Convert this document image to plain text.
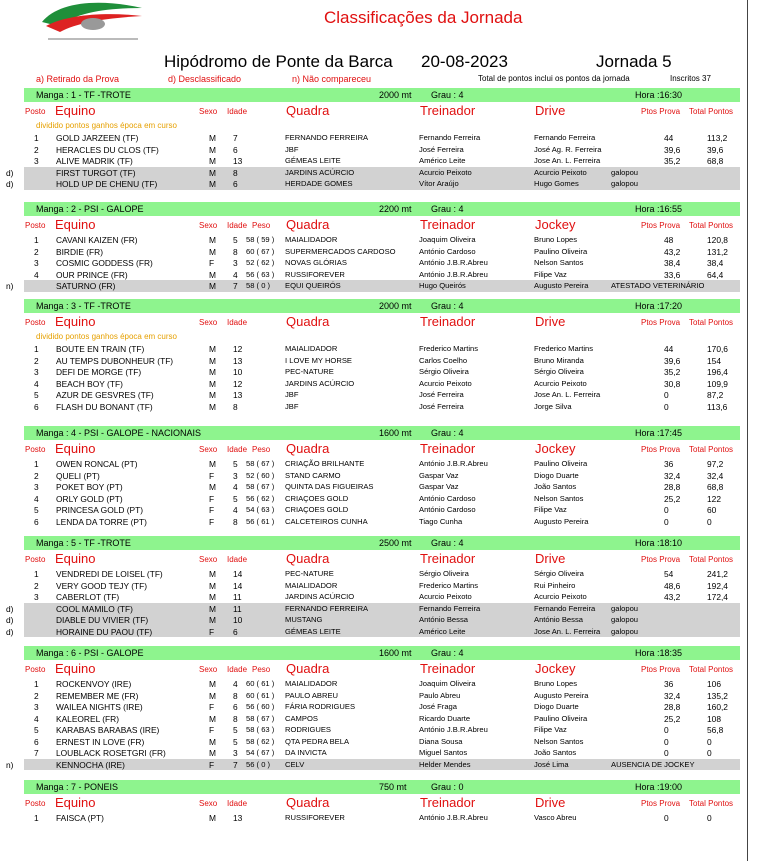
Classificações da Jornada
Hipódromo de Ponte da Barca 20-08-2023	Jornada 5
a) Retirado da Prova	d) Desclassificado	n) Não compareceu	Total de pontos inclui os pontos da jornada	Inscritos 37
Manga : 1 - TF -TROTE	2000 mt Grau : 4	Hora :16:30
Posto Equino	Sexo Idade	Quadra	Treinador	Drive	Ptos Prova Total Pontos
dividido pontos ganhos época em curso
1 GOLD JARZEEN (TF)	M 7	FERNANDO FERREIRA	Fernando Ferreira	Fernando Ferreira	44	113,2
2 HERACLES DU CLOS (TF)	M 6	JBF	José Ferreira	José Ag. R. Ferreira	39,6	39,6
3 ALIVE MADRIK (TF)	M 13	GÉMEAS LEITE	Américo Leite	Jose An. L. Ferreira	35,2	68,8
d)	FIRST TURGOT (TF)	M 8	JARDINS ACÚRCIO	Acurcio Peixoto	Acurcio Peixoto	galopou
d)	HOLD UP DE CHENU (TF)	M 6	HERDADE GOMES	Vítor Araújo	Hugo Gomes	galopou
Manga : 2 - PSI - GALOPE	2200 mt Grau : 4	Hora :16:55
Posto Equino	Sexo Idade Peso Quadra	Treinador	Jockey	Ptos Prova Total Pontos
1 CAVANI KAIZEN (FR)	M 5 58 ( 59 ) MAIALIDADOR	Joaquim Oliveira	Bruno Lopes	48	120,8
2 BIRDIE (FR)	M 8 60 ( 67 ) SUPERMERCADOS CARDOSO	António Cardoso	Paulino Oliveira	43,2	131,2
3 COSMIC GODDESS (FR)	F 3 52 ( 62 ) NOVAS GLÓRIAS	António J.B.R.Abreu	Nelson Santos	38,4	38,4
4 OUR PRINCE (FR)	M 4 56 ( 63 ) RUSSIFOREVER	António J.B.R.Abreu	Filipe Vaz	33,6	64,4
n)	SATURNO (FR)	M 7 58 ( 0 ) EQUI QUEIRÓS	Hugo Queirós	Augusto Pereira	ATESTADO VETERINÁRIO
Manga : 3 - TF -TROTE	2000 mt Grau : 4	Hora :17:20
Posto Equino	Sexo Idade	Quadra	Treinador	Drive	Ptos Prova Total Pontos
dividido pontos ganhos época em curso
1 BOUTE EN TRAIN (TF)	M 12	MAIALIDADOR	Frederico Martins	Frederico Martins	44	170,6
2 AU TEMPS DUBONHEUR (TF)	M 13	I LOVE MY HORSE	Carlos Coelho	Bruno Miranda	39,6	154
3 DEFI DE MORGE (TF)	M 10	PEC-NATURE	Sérgio Oliveira	Sérgio Oliveira	35,2	196,4
4 BEACH BOY (TF)	M 12	JARDINS ACÚRCIO	Acurcio Peixoto	Acurcio Peixoto	30,8	109,9
5 AZUR DE GESVRES (TF)	M 13	JBF	José Ferreira	Jose An. L. Ferreira	0	87,2
6 FLASH DU BONANT (TF)	M 8	JBF	José Ferreira	Jorge Silva	0	113,6
Manga : 4 - PSI - GALOPE - NACIONAIS	1600 mt Grau : 4	Hora :17:45
Posto Equino	Sexo Idade Peso Quadra	Treinador	Jockey	Ptos Prova Total Pontos
1 OWEN RONCAL (PT)	M 5 58 ( 67 ) CRIAÇÃO BRILHANTE	António J.B.R.Abreu	Paulino Oliveira	36	97,2
2 QUELI (PT)	F 3 52 ( 60 ) STAND CARMO	Gaspar Vaz	Diogo Duarte	32,4	32,4
3 POKET BOY (PT)	M 4 58 ( 67 ) QUINTA DAS FIGUEIRAS	Gaspar Vaz	João Santos	28,8	68,8
4 ORLY GOLD (PT)	F 5 56 ( 62 ) CRIAÇOES GOLD	António Cardoso	Nelson Santos	25,2	122
5 PRINCESA GOLD (PT)	F 4 54 ( 63 ) CRIAÇOES GOLD	António Cardoso	Filipe Vaz	0	60
6 LENDA DA TORRE (PT)	F 8 56 ( 61 ) CALCETEIROS CUNHA	Tiago Cunha	Augusto Pereira	0	0
Manga : 5 - TF -TROTE	2500 mt Grau : 4	Hora :18:10
Posto Equino	Sexo Idade	Quadra	Treinador	Drive	Ptos Prova Total Pontos
1 VENDREDI DE LOISEL (TF)	M 14	PEC-NATURE	Sérgio Oliveira	Sérgio Oliveira	54	241,2
2 VERY GOOD TEJY (TF)	M 14	MAIALIDADOR	Frederico Martins	Rui Pinheiro	48,6	192,4
3 CABERLOT (TF)	M 11	JARDINS ACÚRCIO	Acurcio Peixoto	Acurcio Peixoto	43,2	172,4
d)	COOL MAMILO (TF)	M 11	FERNANDO FERREIRA	Fernando Ferreira	Fernando Ferreira	galopou
d)	DIABLE DU VIVIER (TF)	M 10	MUSTANG	António Bessa	António Bessa	galopou
d)	HORAINE DU PAOU (TF)	F 6	GÉMEAS LEITE	Américo Leite	Jose An. L. Ferreira	galopou
Manga : 6 - PSI - GALOPE	1600 mt Grau : 4	Hora :18:35
Posto Equino	Sexo Idade Peso Quadra	Treinador	Jockey	Ptos Prova Total Pontos
1 ROCKENVOY (IRE)	M 4 60 ( 61 ) MAIALIDADOR	Joaquim Oliveira	Bruno Lopes	36	106
2 REMEMBER ME (FR)	M 8 60 ( 61 ) PAULO ABREU	Paulo Abreu	Augusto Pereira	32,4	135,2
3 WAILEA NIGHTS (IRE)	F 6 56 ( 60 ) FÁRIA RODRIGUES	José Fraga	Diogo Duarte	28,8	160,2
4 KALEOREL (FR)	M 8 58 ( 67 ) CAMPOS	Ricardo Duarte	Paulino Oliveira	25,2	108
5 KARABAS BARABAS (IRE)	F 5 58 ( 63 ) RODRIGUES	António J.B.R.Abreu	Filipe Vaz	0	56,8
6 ERNEST IN LOVE (FR)	M 5 58 ( 62 ) QTA PEDRA BELA	Diana Sousa	Nelson Santos	0	0
7 LOUBLACK ROSETGRI (FR)	M 3 54 ( 67 ) DA INVICTA	Miguel Santos	João Santos	0	0
n)	KENNOCHA (IRE)	F 7 56 ( 0 ) CELV	Helder Mendes	José Lima	AUSENCIA DE JOCKEY
Manga : 7 - PONEIS	750 mt	Grau : 0	Hora :19:00
Posto Equino	Sexo Idade	Quadra	Treinador	Drive	Ptos Prova Total Pontos
1 FAISCA (PT)	M 13	RUSSIFOREVER	António J.B.R.Abreu	Vasco Abreu	0	0
